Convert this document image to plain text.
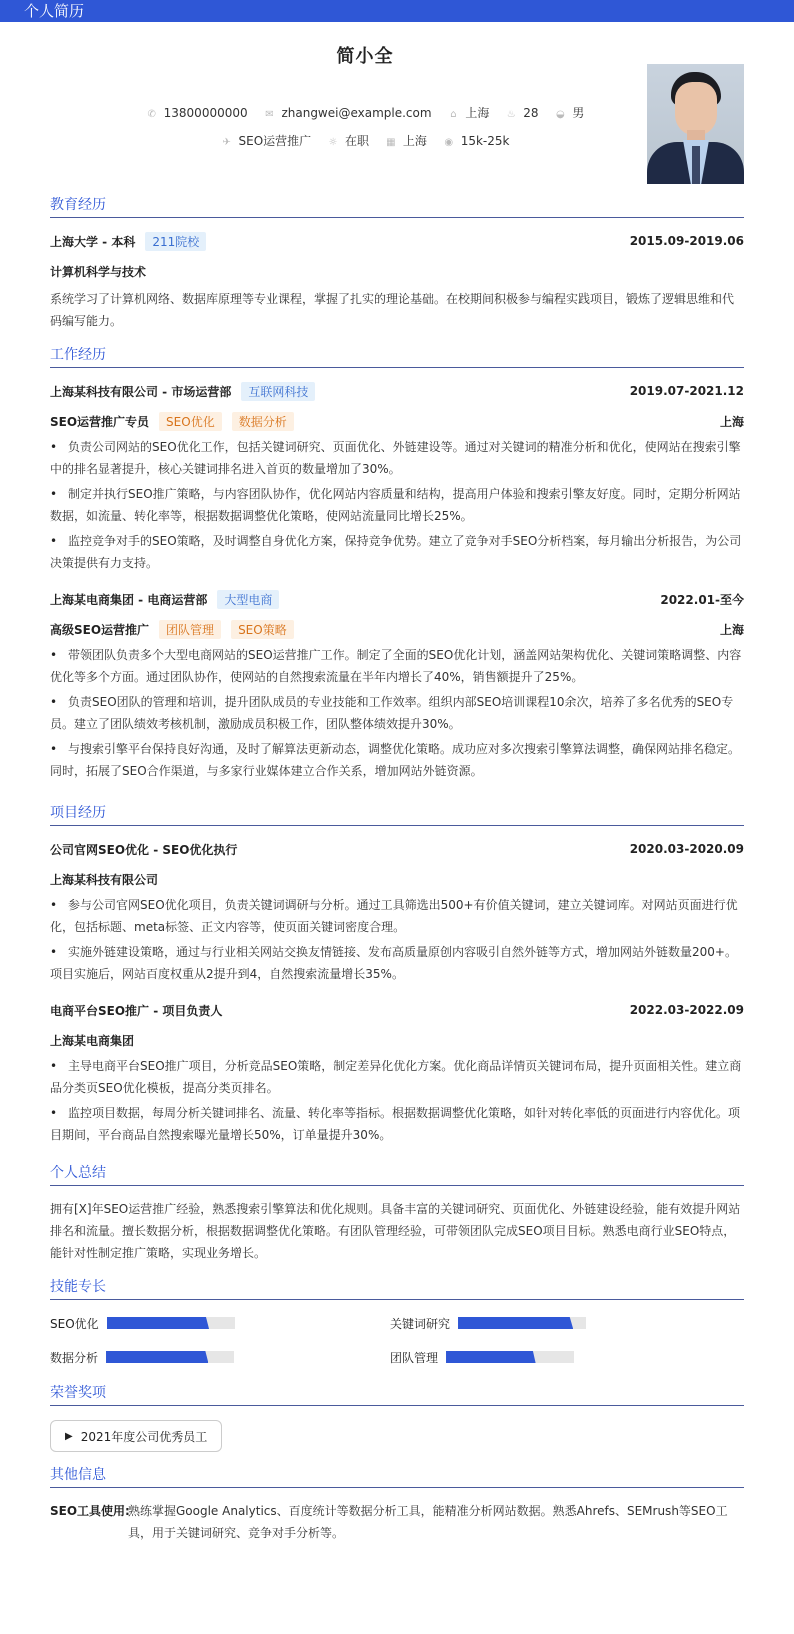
个人简历
简小全
✆ 13800000000 ✉ zhangwei@example.com ⌂ 上海 ♨ 28 ◒ 男
✈ SEO运营推广 ☼ 在职 ▦ 上海 ◉ 15k-25k
教育经历
上海大学 - 本科 211院校	2015.09-2019.06
计算机科学与技术
系统学习了计算机网络、数据库原理等专业课程，掌握了扎实的理论基础。在校期间积极参与编程实践项目，锻炼了逻辑思维和代码编写能力。
工作经历
上海某科技有限公司 - 市场运营部 互联网科技	2019.07-2021.12
SEO运营推广专员 SEO优化 数据分析	上海
• 负责公司网站的SEO优化工作，包括关键词研究、页面优化、外链建设等。通过对关键词的精准分析和优化，使网站在搜索引擎中的排名显著提升，核心关键词排名进入首页的数量增加了30%。
• 制定并执行SEO推广策略，与内容团队协作，优化网站内容质量和结构，提高用户体验和搜索引擎友好度。同时，定期分析网站数据，如流量、转化率等，根据数据调整优化策略，使网站流量同比增长25%。
• 监控竞争对手的SEO策略，及时调整自身优化方案，保持竞争优势。建立了竞争对手SEO分析档案，每月输出分析报告，为公司决策提供有力支持。
上海某电商集团 - 电商运营部 大型电商	2022.01-至今
高级SEO运营推广 团队管理 SEO策略	上海
• 带领团队负责多个大型电商网站的SEO运营推广工作。制定了全面的SEO优化计划，涵盖网站架构优化、关键词策略调整、内容优化等多个方面。通过团队协作，使网站的自然搜索流量在半年内增长了40%，销售额提升了25%。
• 负责SEO团队的管理和培训，提升团队成员的专业技能和工作效率。组织内部SEO培训课程10余次，培养了多名优秀的SEO专员。建立了团队绩效考核机制，激励成员积极工作，团队整体绩效提升30%。
• 与搜索引擎平台保持良好沟通，及时了解算法更新动态，调整优化策略。成功应对多次搜索引擎算法调整，确保网站排名稳定。同时，拓展了SEO合作渠道，与多家行业媒体建立合作关系，增加网站外链资源。
项目经历
公司官网SEO优化 - SEO优化执行	2020.03-2020.09
上海某科技有限公司
• 参与公司官网SEO优化项目，负责关键词调研与分析。通过工具筛选出500+有价值关键词，建立关键词库。对网站页面进行优化，包括标题、meta标签、正文内容等，使页面关键词密度合理。
• 实施外链建设策略，通过与行业相关网站交换友情链接、发布高质量原创内容吸引自然外链等方式，增加网站外链数量200+。项目实施后，网站百度权重从2提升到4，自然搜索流量增长35%。
电商平台SEO推广 - 项目负责人	2022.03-2022.09
上海某电商集团
• 主导电商平台SEO推广项目，分析竞品SEO策略，制定差异化优化方案。优化商品详情页关键词布局，提升页面相关性。建立商品分类页SEO优化模板，提高分类页排名。
• 监控项目数据，每周分析关键词排名、流量、转化率等指标。根据数据调整优化策略，如针对转化率低的页面进行内容优化。项目期间，平台商品自然搜索曝光量增长50%，订单量提升30%。
个人总结
拥有[X]年SEO运营推广经验，熟悉搜索引擎算法和优化规则。具备丰富的关键词研究、页面优化、外链建设经验，能有效提升网站排名和流量。擅长数据分析，根据数据调整优化策略。有团队管理经验，可带领团队完成SEO项目目标。熟悉电商行业SEO特点，能针对性制定推广策略，实现业务增长。
技能专长
SEO优化	关键词研究
数据分析	团队管理
荣誉奖项
▶ 2021年度公司优秀员工
其他信息
SEO工具使用:
熟练掌握Google Analytics、百度统计等数据分析工具，能精准分析网站数据。熟悉Ahrefs、SEMrush等SEO工具，用于关键词研究、竞争对手分析等。
